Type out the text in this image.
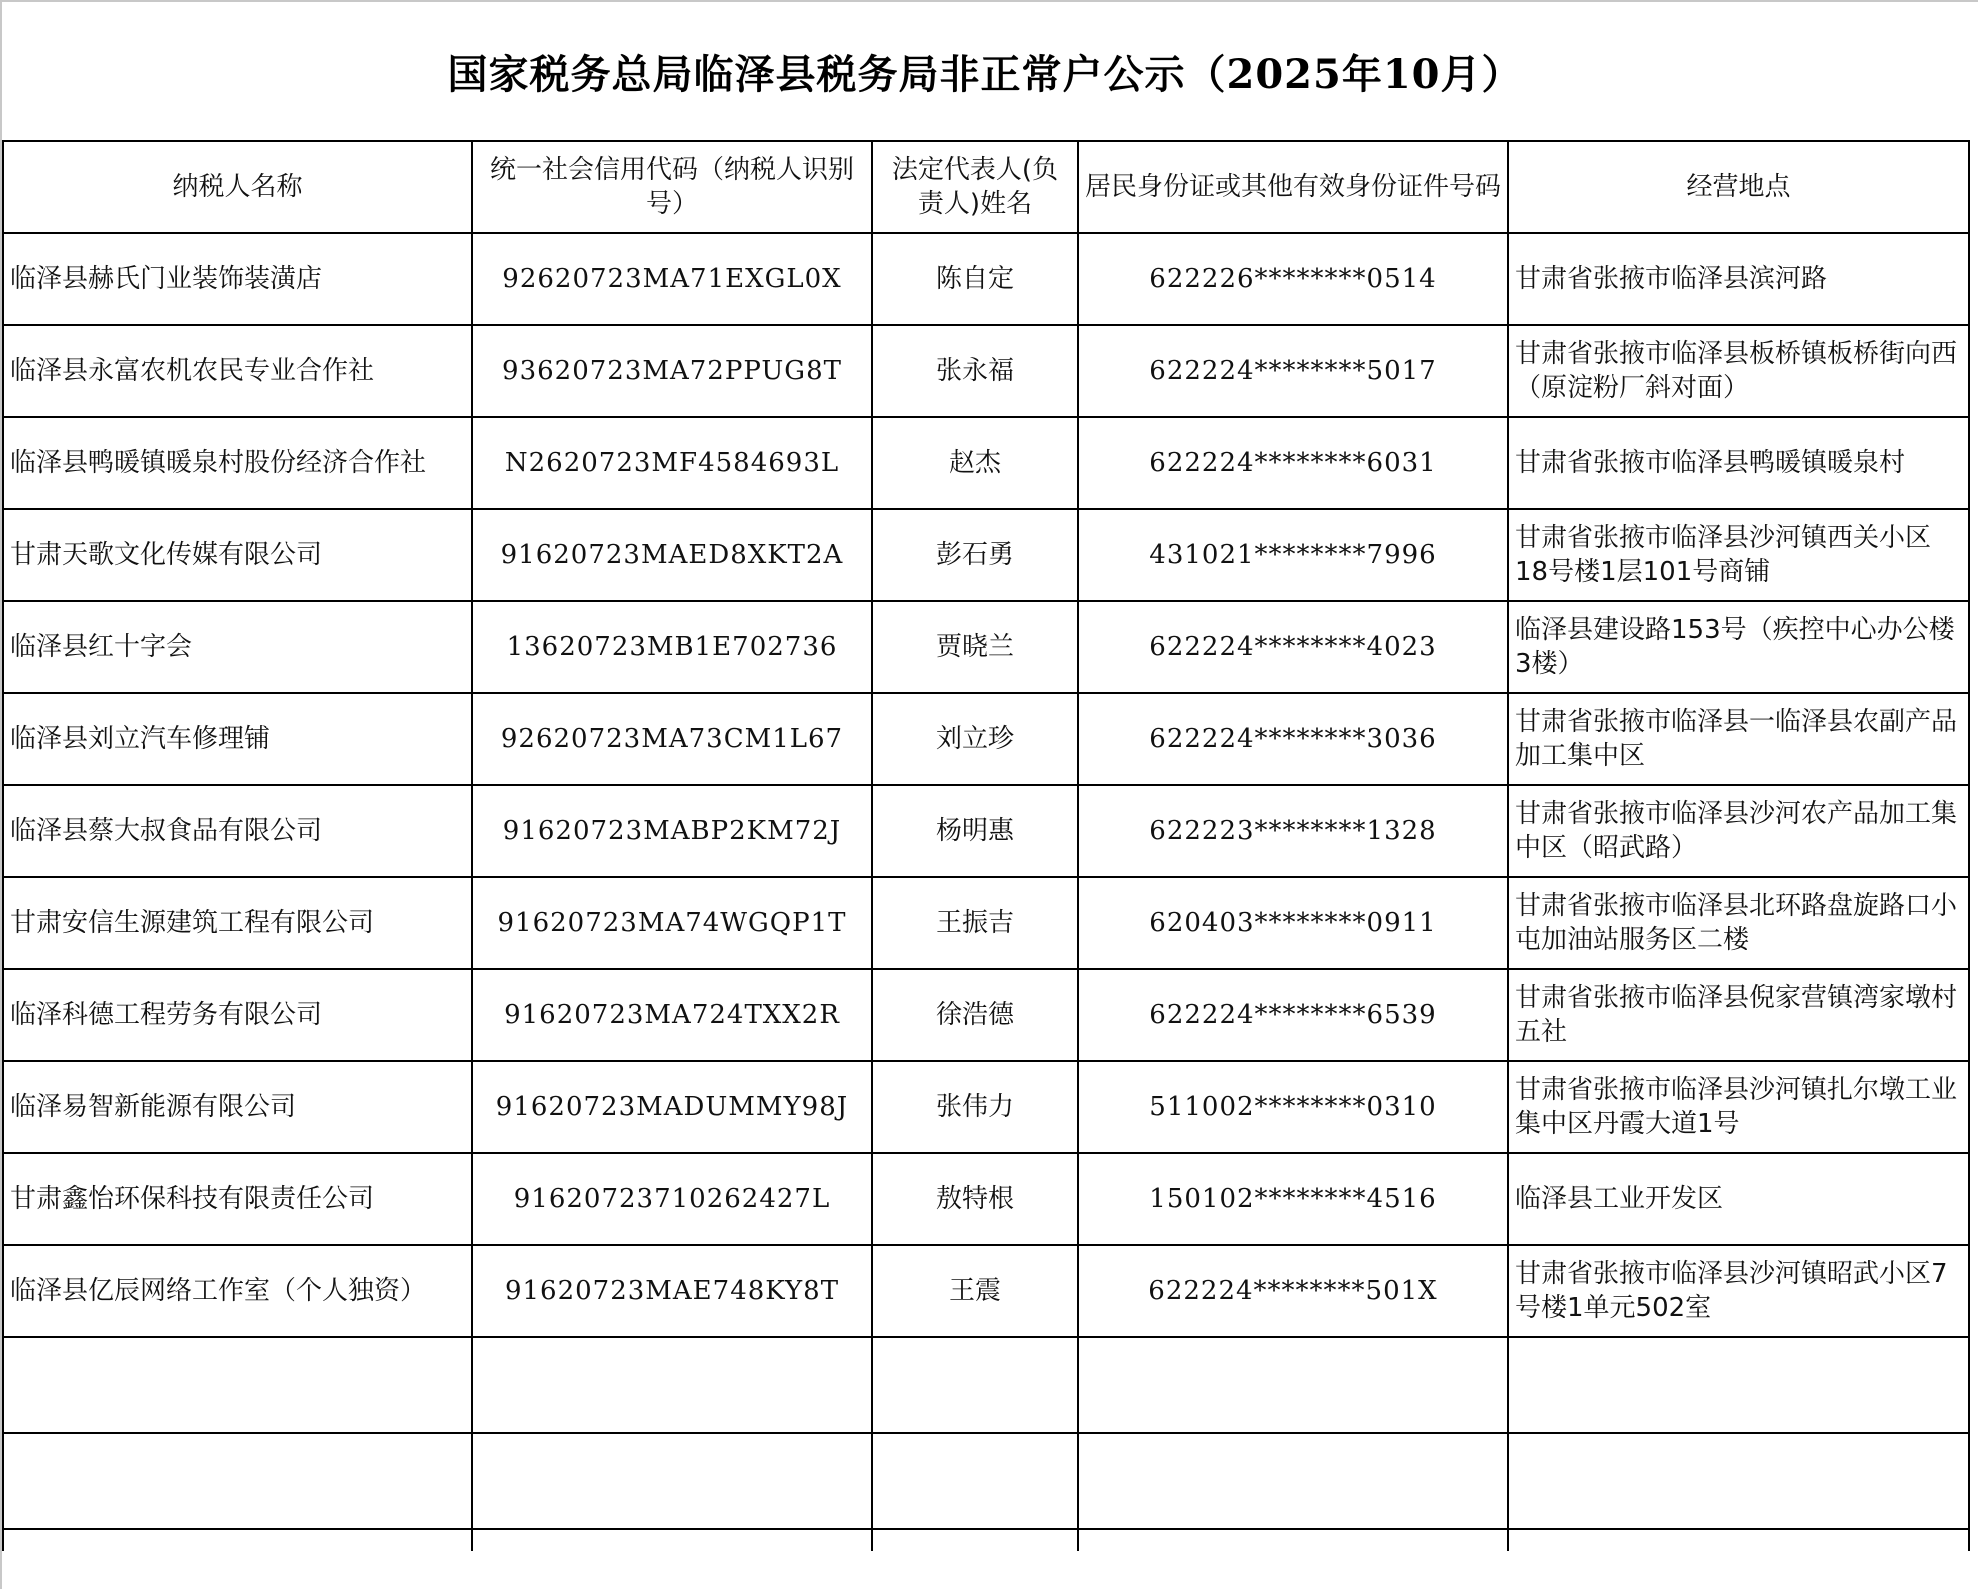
国家税务总局临泽县税务局非正常户公示（2025年10月）
纳税人名称	统一社会信用代码（纳税人识别号）	法定代表人(负责人)姓名	居民身份证或其他有效身份证件号码	经营地点
临泽县赫氏门业装饰装潢店	92620723MA71EXGL0X	陈自定	622226********0514	甘肃省张掖市临泽县滨河路
临泽县永富农机农民专业合作社	93620723MA72PPUG8T	张永福	622224********5017	甘肃省张掖市临泽县板桥镇板桥街向西（原淀粉厂斜对面）
临泽县鸭暖镇暖泉村股份经济合作社	N2620723MF4584693L	赵杰	622224********6031	甘肃省张掖市临泽县鸭暖镇暖泉村
甘肃天歌文化传媒有限公司	91620723MAED8XKT2A	彭石勇	431021********7996	甘肃省张掖市临泽县沙河镇西关小区18号楼1层101号商铺
临泽县红十字会	13620723MB1E702736	贾晓兰	622224********4023	临泽县建设路153号（疾控中心办公楼3楼）
临泽县刘立汽车修理铺	92620723MA73CM1L67	刘立珍	622224********3036	甘肃省张掖市临泽县一临泽县农副产品加工集中区
临泽县蔡大叔食品有限公司	91620723MABP2KM72J	杨明惠	622223********1328	甘肃省张掖市临泽县沙河农产品加工集中区（昭武路）
甘肃安信生源建筑工程有限公司	91620723MA74WGQP1T	王振吉	620403********0911	甘肃省张掖市临泽县北环路盘旋路口小屯加油站服务区二楼
临泽科德工程劳务有限公司	91620723MA724TXX2R	徐浩德	622224********6539	甘肃省张掖市临泽县倪家营镇湾家墩村五社
临泽易智新能源有限公司	91620723MADUMMY98J	张伟力	511002********0310	甘肃省张掖市临泽县沙河镇扎尔墩工业集中区丹霞大道1号
甘肃鑫怡环保科技有限责任公司	91620723710262427L	敖特根	150102********4516	临泽县工业开发区
临泽县亿辰网络工作室（个人独资）	91620723MAE748KY8T	王震	622224********501X	甘肃省张掖市临泽县沙河镇昭武小区7号楼1单元502室
